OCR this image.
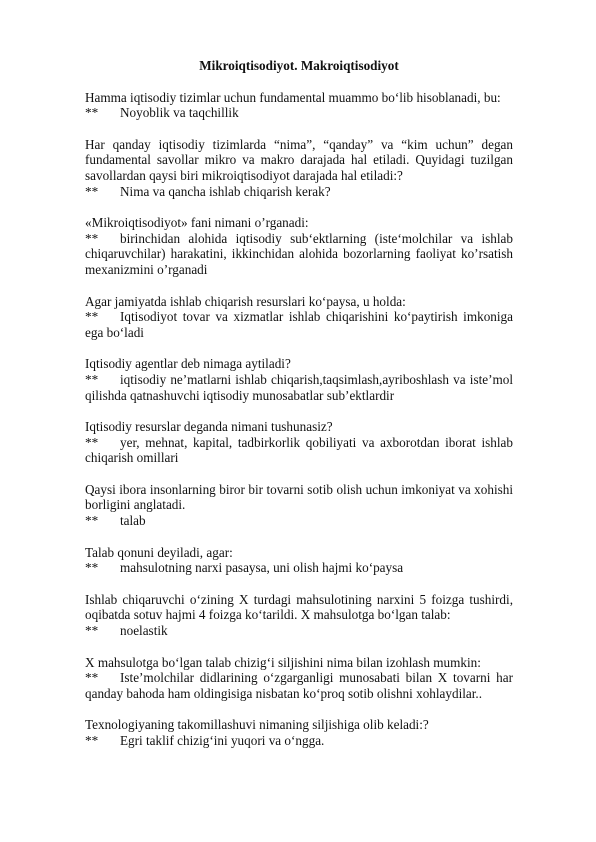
Mikroiqtisodiyot. Makroiqtisodiyot
Hamma iqtisodiy tizimlar uchun fundamental muammo bo‘lib hisoblanadi, bu:
** Noyoblik va taqchillik
Har qanday iqtisodiy tizimlarda “nima”, “qanday” va “kim uchun” degan fundamental savollar mikro va makro darajada hal etiladi. Quyidagi tuzilgan savollardan qaysi biri mikroiqtisodiyot darajada hal etiladi:?
** Nima va qancha ishlab chiqarish kerak?
«Mikroiqtisodiyot» fani nimani o’rganadi:
** birinchidan alohida iqtisodiy sub‘ektlarning (iste‘molchilar va ishlab chiqaruvchilar) harakatini, ikkinchidan alohida bozorlarning faoliyat ko’rsatish mexanizmini o’rganadi
Agar jamiyatda ishlab chiqarish resurslari ko‘paysa, u holda:
** Iqtisodiyot tovar va xizmatlar ishlab chiqarishini ko‘paytirish imkoniga ega bo‘ladi
Iqtisodiy agentlar deb nimaga aytiladi?
** iqtisodiy ne’matlarni ishlab chiqarish,taqsimlash,ayriboshlash va iste’mol qilishda qatnashuvchi iqtisodiy munosabatlar sub’ektlardir
Iqtisodiy resurslar deganda nimani tushunasiz?
** yer, mehnat, kapital, tadbirkorlik qobiliyati va axborotdan iborat ishlab chiqarish omillari
Qaysi ibora insonlarning biror bir tovarni sotib olish uchun imkoniyat va xohishi borligini anglatadi.
** talab
Talab qonuni deyiladi, agar:
** mahsulotning narxi pasaysa, uni olish hajmi ko‘paysa
Ishlab chiqaruvchi o‘zining X turdagi mahsulotining narxini 5 foizga tushirdi, oqibatda sotuv hajmi 4 foizga ko‘tarildi. X mahsulotga bo‘lgan talab:
** noelastik
X mahsulotga bo‘lgan talab chizig‘i siljishini nima bilan izohlash mumkin:
** Iste’molchilar didlarining o‘zgarganligi munosabati bilan X tovarni har qanday bahoda ham oldingisiga nisbatan ko‘proq sotib olishni xohlaydilar..
Texnologiyaning takomillashuvi nimaning siljishiga olib keladi:?
** Egri taklif chizig‘ini yuqori va o‘ngga.
